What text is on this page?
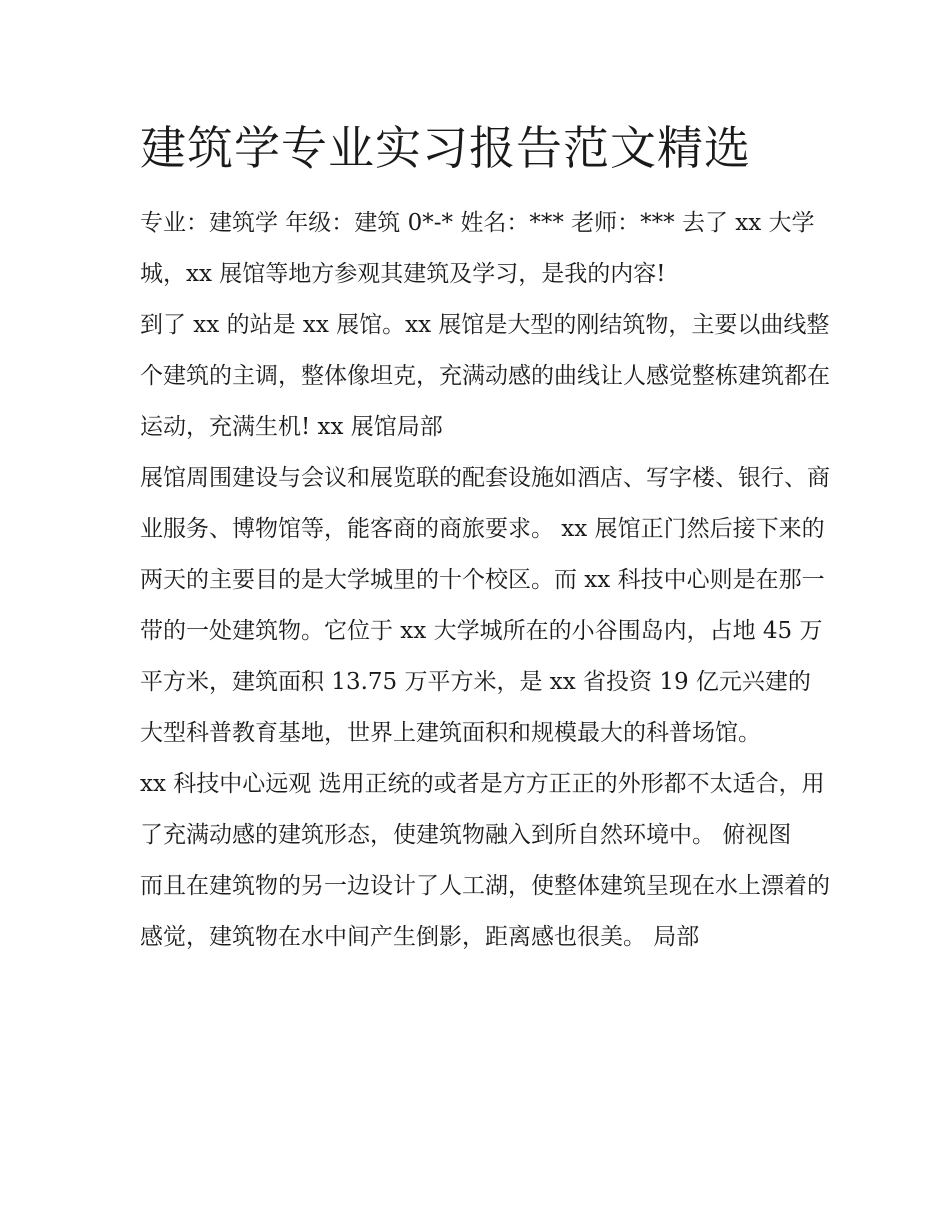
建筑学专业实习报告范文精选

专业：建筑学 年级：建筑 0*-* 姓名：*** 老师：*** 去了 xx 大学城，xx 展馆等地方参观其建筑及学习，是我的内容!

到了 xx 的站是 xx 展馆。xx 展馆是大型的刚结筑物，主要以曲线整个建筑的主调，整体像坦克，充满动感的曲线让人感觉整栋建筑都在运动，充满生机! xx 展馆局部

展馆周围建设与会议和展览联的配套设施如酒店、写字楼、银行、商业服务、博物馆等，能客商的商旅要求。 xx 展馆正门然后接下来的两天的主要目的是大学城里的十个校区。而 xx 科技中心则是在那一带的一处建筑物。它位于 xx 大学城所在的小谷围岛内，占地 45 万平方米，建筑面积 13.75 万平方米，是 xx 省投资 19 亿元兴建的大型科普教育基地，世界上建筑面积和规模最大的科普场馆。

xx 科技中心远观 选用正统的或者是方方正正的外形都不太适合，用了充满动感的建筑形态，使建筑物融入到所自然环境中。 俯视图

而且在建筑物的另一边设计了人工湖，使整体建筑呈现在水上漂着的感觉，建筑物在水中间产生倒影，距离感也很美。 局部
